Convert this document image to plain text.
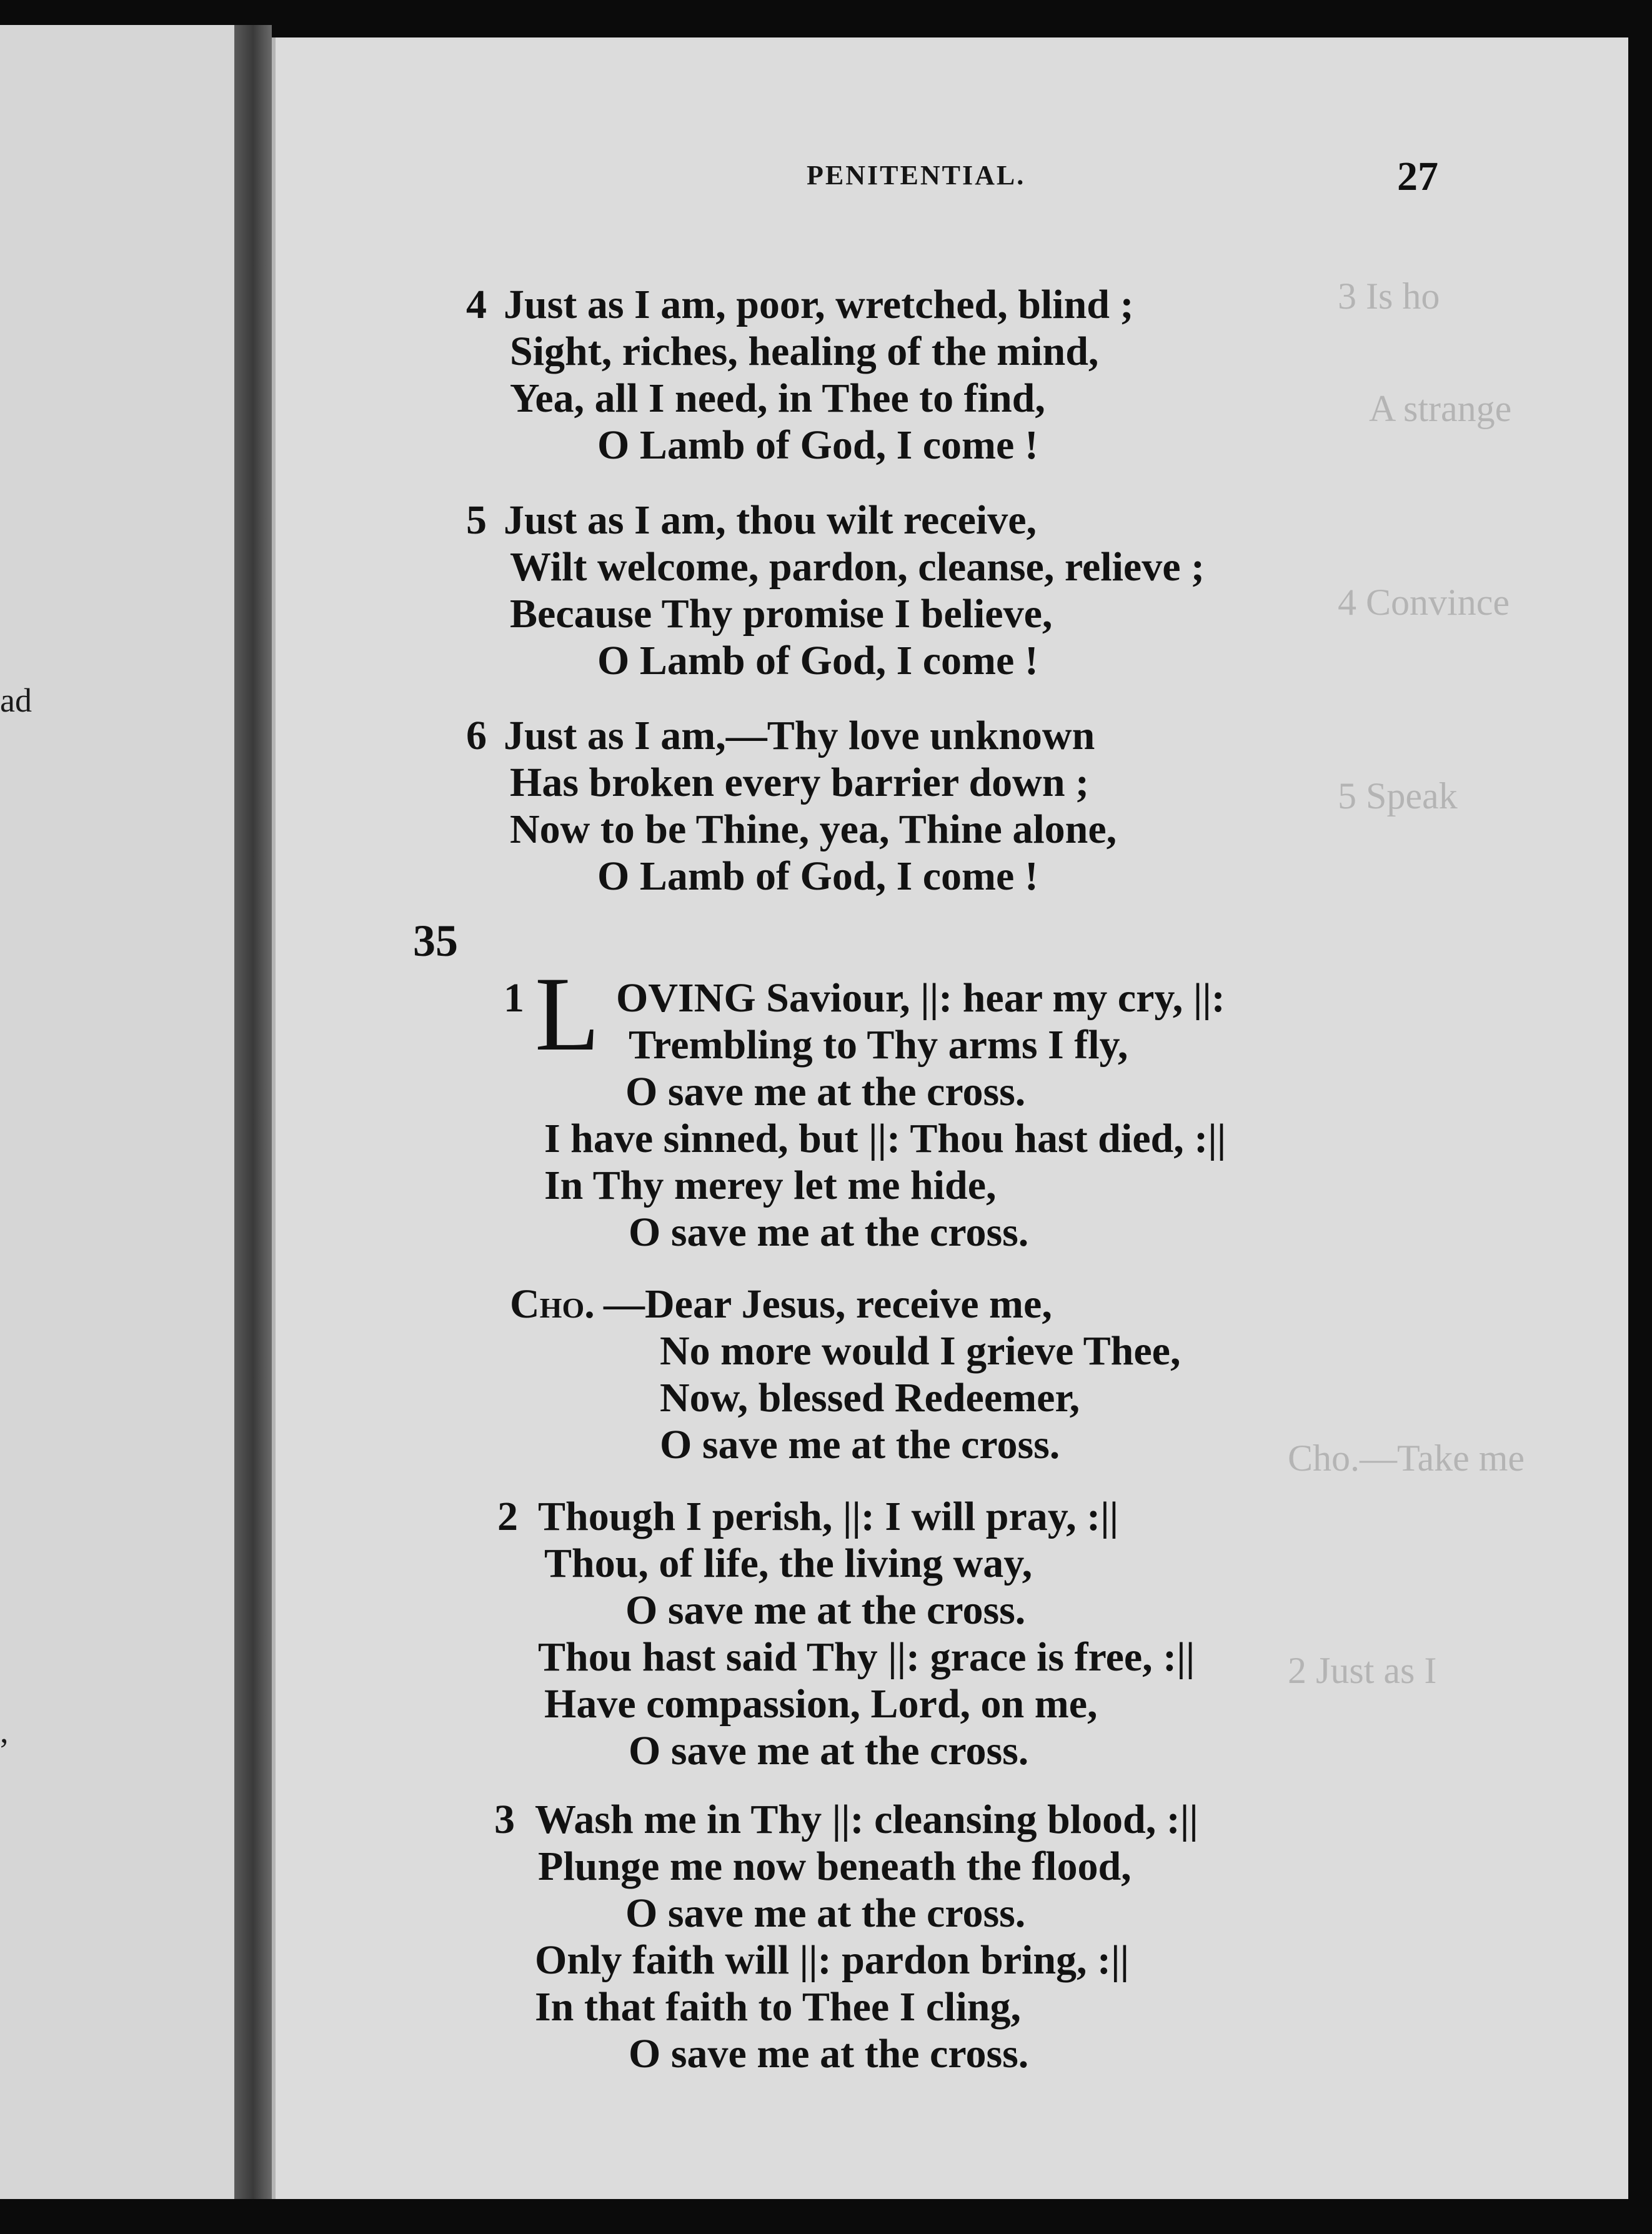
ad
,
3 Is ho
A strange
4 Convince
5 Speak
Cho.—Take me
2 Just as I
PENITENTIAL.	27
4 Just as I am, poor, wretched, blind ;
Sight, riches, healing of the mind,
Yea, all I need, in Thee to find,
O Lamb of God, I come !
5 Just as I am, thou wilt receive,
Wilt welcome, pardon, cleanse, relieve ;
Because Thy promise I believe,
O Lamb of God, I come !
6 Just as I am,—Thy love unknown
Has broken every barrier down ;
Now to be Thine, yea, Thine alone,
O Lamb of God, I come !
35
1 L OVING Saviour, ||: hear my cry, ||:
Trembling to Thy arms I fly,
O save me at the cross.
I have sinned, but ||: Thou hast died, :||
In Thy merey let me hide,
O save me at the cross.
Cho. —Dear Jesus, receive me,
No more would I grieve Thee,
Now, blessed Redeemer,
O save me at the cross.
2 Though I perish, ||: I will pray, :||
Thou, of life, the living way,
O save me at the cross.
Thou hast said Thy ||: grace is free, :||
Have compassion, Lord, on me,
O save me at the cross.
3 Wash me in Thy ||: cleansing blood, :||
Plunge me now beneath the flood,
O save me at the cross.
Only faith will ||: pardon bring, :||
In that faith to Thee I cling,
O save me at the cross.
